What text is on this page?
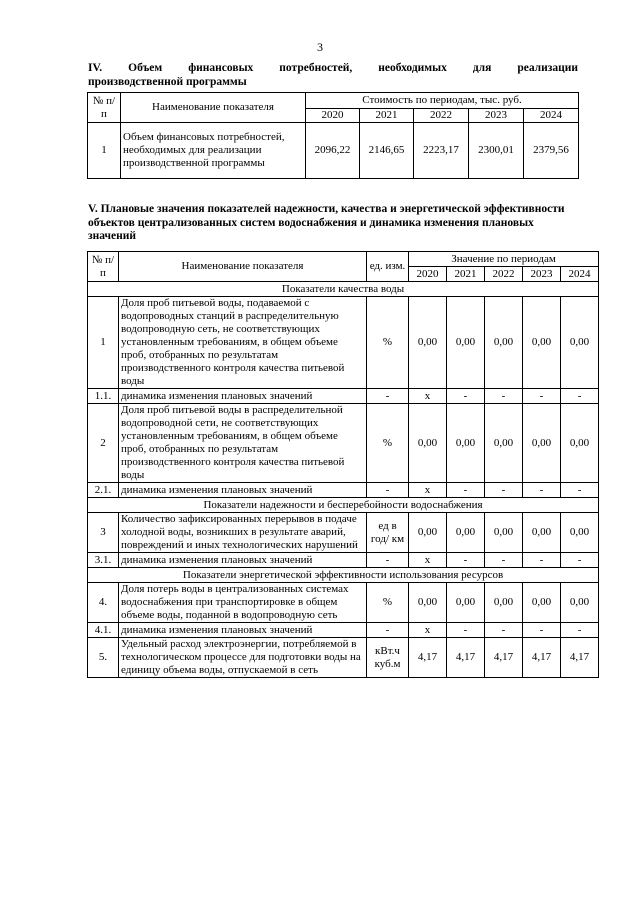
3
IV. Объем финансовых потребностей, необходимых для реализации
производственной программы
№ п/п	Наименование показателя	Стоимость по периодам, тыс. руб.				
		2020	2021	2022	2023	2024
1	Объем финансовых потребностей, необходимых для реализации производственной программы	2096,22	2146,65	2223,17	2300,01	2379,56
V. Плановые значения показателей надежности, качества и энергетической эффективности объектов централизованных систем водоснабжения и динамика изменения плановых значений
№ п/п	Наименование показателя	ед. изм.	Значение по периодам				
			2020	2021	2022	2023	2024
Показатели качества воды							
1	Доля проб питьевой воды, подаваемой с водопроводных станций в распределительную водопроводную сеть, не соответствующих установленным требованиям, в общем объеме проб, отобранных по результатам производственного контроля качества питьевой воды	%	0,00	0,00	0,00	0,00	0,00
1.1.	динамика изменения плановых значений	-	х	-	-	-	-
2	Доля проб питьевой воды в распределительной водопроводной сети, не соответствующих установленным требованиям, в общем объеме проб, отобранных по результатам производственного контроля качества питьевой воды	%	0,00	0,00	0,00	0,00	0,00
2.1.	динамика изменения плановых значений	-	х	-	-	-	-
Показатели надежности и бесперебойности водоснабжения							
3	Количество зафиксированных перерывов в подаче холодной воды, возникших в результате аварий, повреждений и иных технологических нарушений	ед в год/ км	0,00	0,00	0,00	0,00	0,00
3.1.	динамика изменения плановых значений	-	х	-	-	-	-
Показатели энергетической эффективности использования ресурсов							
4.	Доля потерь воды в централизованных системах водоснабжения при транспортировке в общем объеме воды, поданной в водопроводную сеть	%	0,00	0,00	0,00	0,00	0,00
4.1.	динамика изменения плановых значений	-	х	-	-	-	-
5.	Удельный расход электроэнергии, потребляемой в технологическом процессе для подготовки воды на единицу объема воды, отпускаемой в сеть	кВт.ч куб.м	4,17	4,17	4,17	4,17	4,17
